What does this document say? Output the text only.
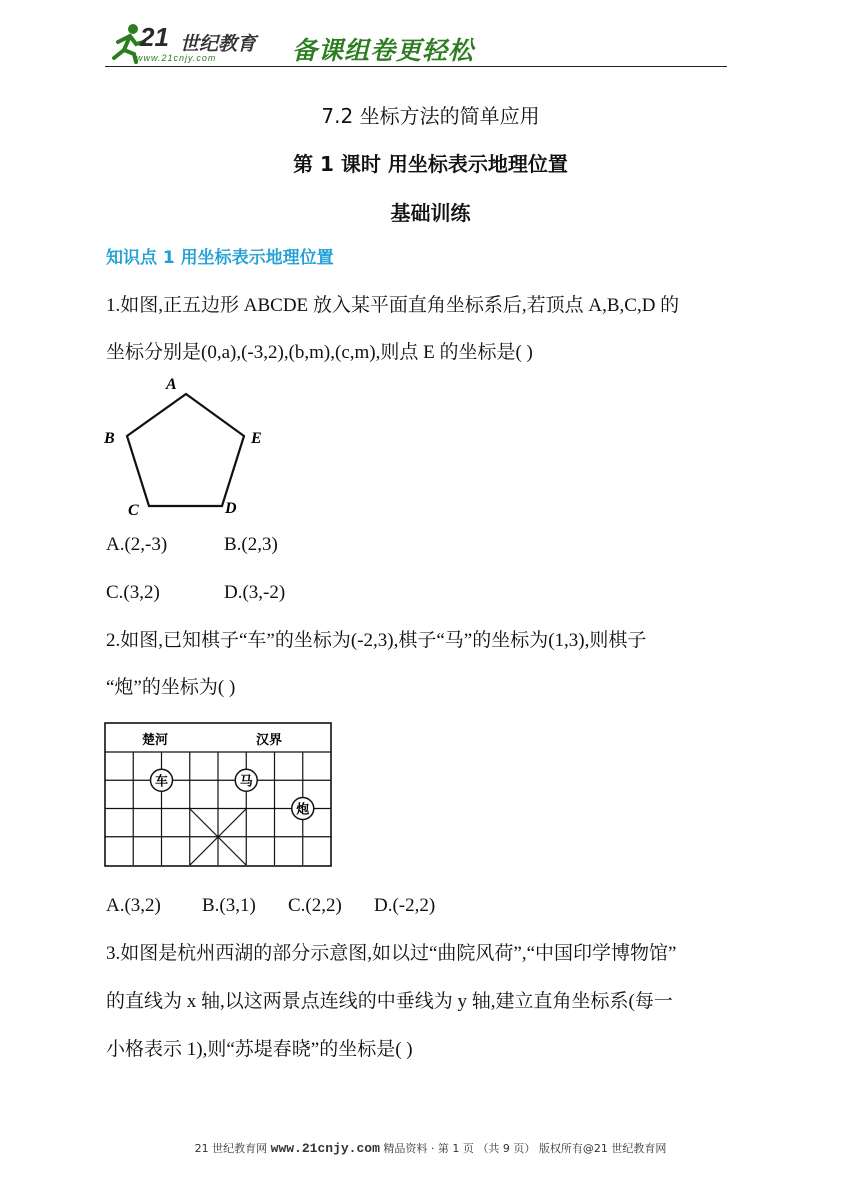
21 世纪教育
www.21cnjy.com	备课组卷更轻松
7.2 坐标方法的简单应用
第 1 课时 用坐标表示地理位置
基础训练
知识点 1 用坐标表示地理位置
1.如图,正五边形 ABCDE 放入某平面直角坐标系后,若顶点 A,B,C,D 的
坐标分别是(0,a),(-3,2),(b,m),(c,m),则点 E 的坐标是( )
A
B
C	D
E
A.(2,-3)	B.(2,3)
C.(3,2)	D.(3,-2)
2.如图,已知棋子“车”的坐标为(-2,3),棋子“马”的坐标为(1,3),则棋子
“炮”的坐标为( )
楚河	汉界
车	马
炮
A.(3,2) B.(3,1) C.(2,2) D.(-2,2)
3.如图是杭州西湖的部分示意图,如以过“曲院风荷”,“中国印学博物馆”
的直线为 x 轴,以这两景点连线的中垂线为 y 轴,建立直角坐标系(每一
小格表示 1),则“苏堤春晓”的坐标是( )
21 世纪教育网 www.21cnjy.com 精品资料 · 第 1 页 （共 9 页） 版权所有@21 世纪教育网
